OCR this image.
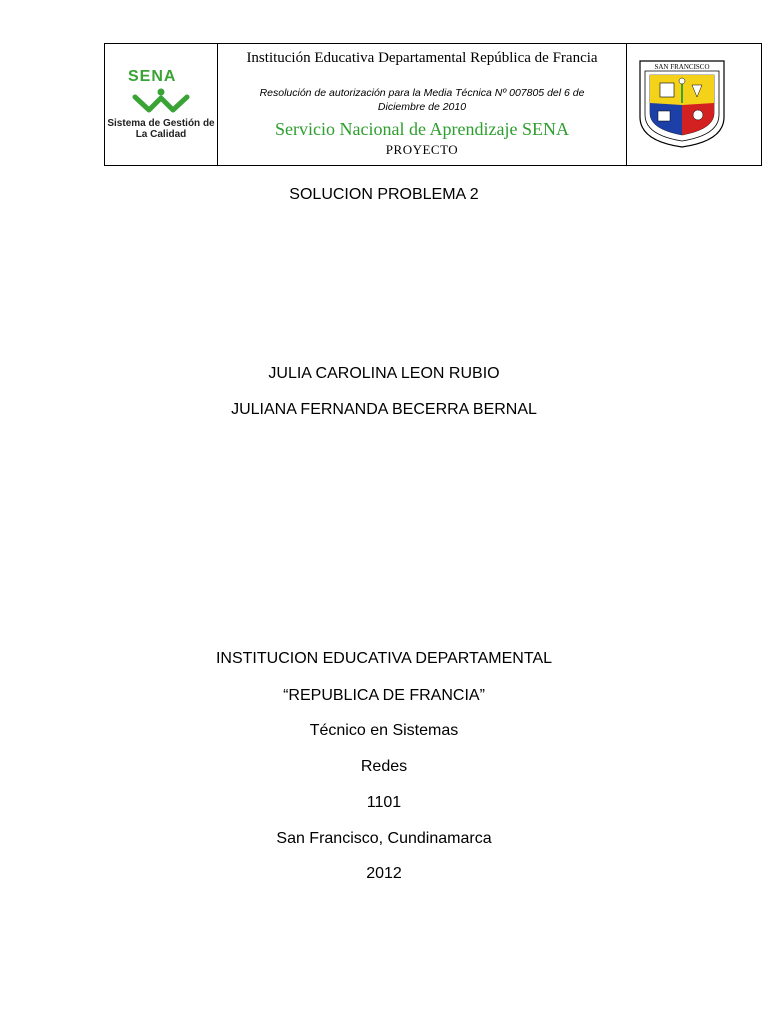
SENA
Sistema de Gestión de La Calidad
Institución Educativa Departamental República de Francia
Resolución de autorización para la Media Técnica Nº 007805 del 6 de Diciembre de 2010
Servicio Nacional de Aprendizaje SENA
PROYECTO
SAN FRANCISCO
SOLUCION PROBLEMA 2
JULIA CAROLINA LEON RUBIO
JULIANA FERNANDA BECERRA BERNAL
INSTITUCION EDUCATIVA DEPARTAMENTAL
“REPUBLICA DE FRANCIA”
Técnico en Sistemas
Redes
1101
San Francisco, Cundinamarca
2012
